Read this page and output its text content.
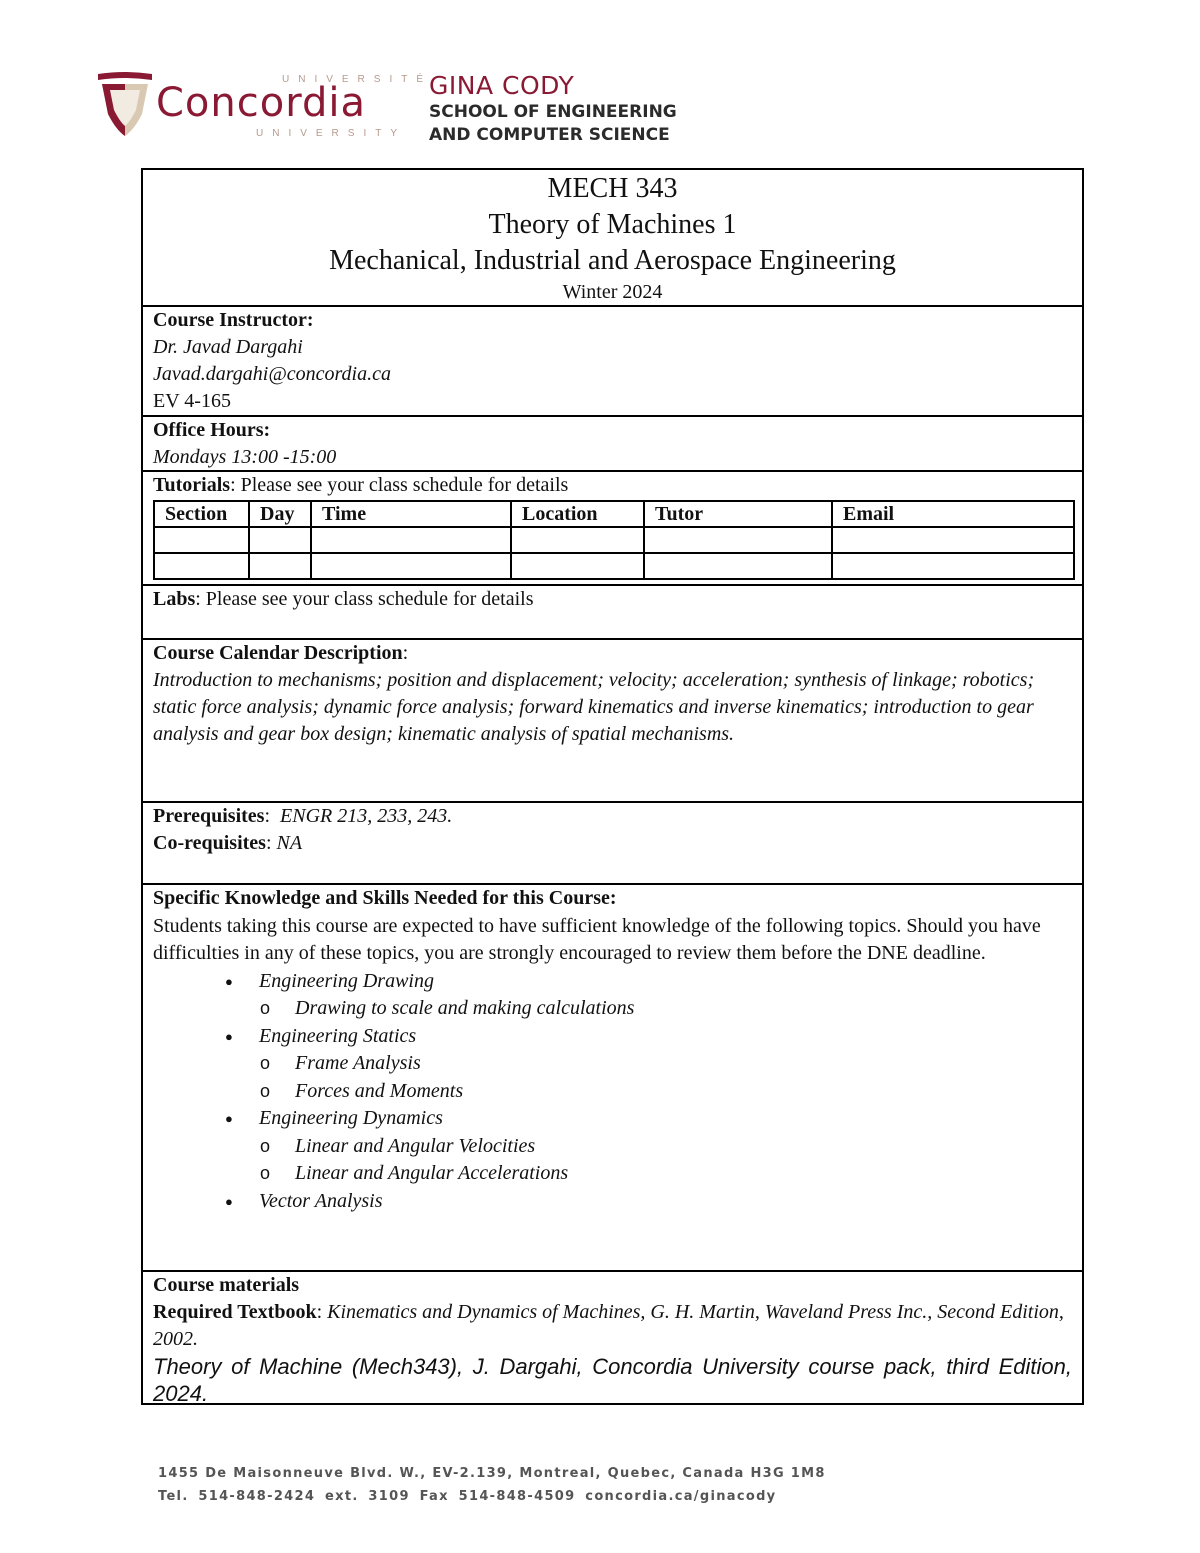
UNIVERSITÉ
Concordia
UNIVERSITY
GINA CODY
SCHOOL OF ENGINEERING
AND COMPUTER SCIENCE
MECH 343
Theory of Machines 1
Mechanical, Industrial and Aerospace Engineering
Winter 2024
Course Instructor:
Dr. Javad Dargahi
Javad.dargahi@concordia.ca
EV 4-165
Office Hours:
Mondays 13:00 -15:00
Tutorials: Please see your class schedule for details
Section	Day	Time	Location	Tutor	Email

Labs: Please see your class schedule for details
Course Calendar Description:
Introduction to mechanisms; position and displacement; velocity; acceleration; synthesis of linkage; robotics; static force analysis; dynamic force analysis; forward kinematics and inverse kinematics; introduction to gear analysis and gear box design; kinematic analysis of spatial mechanisms.
Prerequisites: ENGR 213, 233, 243.
Co-requisites: NA
Specific Knowledge and Skills Needed for this Course:
Students taking this course are expected to have sufficient knowledge of the following topics. Should you have difficulties in any of these topics, you are strongly encouraged to review them before the DNE deadline.
● Engineering Drawing
o Drawing to scale and making calculations
● Engineering Statics
o Frame Analysis
o Forces and Moments
● Engineering Dynamics
o Linear and Angular Velocities
o Linear and Angular Accelerations
● Vector Analysis
Course materials
Required Textbook: Kinematics and Dynamics of Machines, G. H. Martin, Waveland Press Inc., Second Edition, 2002.
Theory of Machine (Mech343), J. Dargahi, Concordia University course pack, third Edition, 2024.
1455 De Maisonneuve Blvd. W., EV-2.139, Montreal, Quebec, Canada H3G 1M8
Tel. 514-848-2424 ext. 3109 Fax 514-848-4509 concordia.ca/ginacody
